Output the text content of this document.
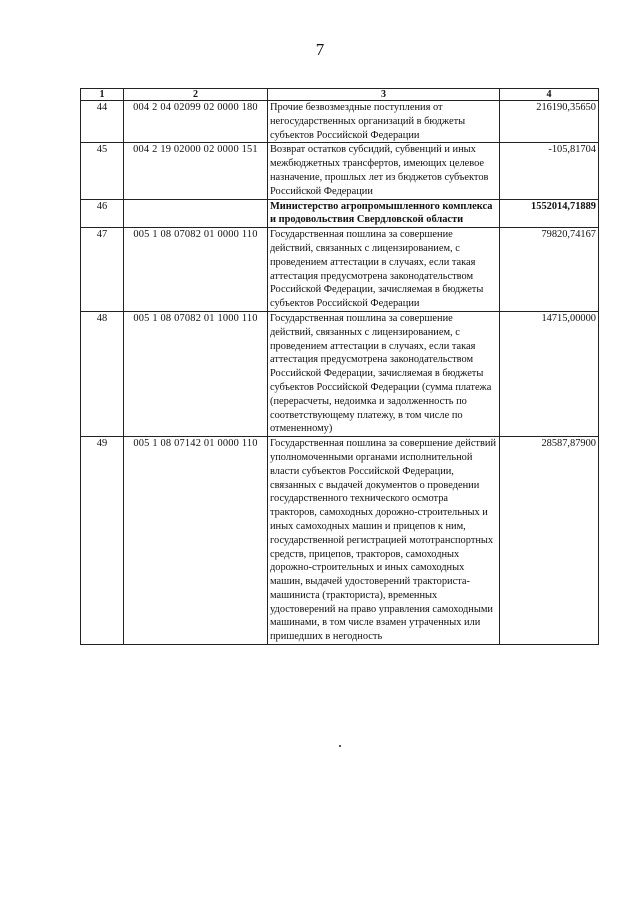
7
1	2	3	4
44	004 2 04 02099 02 0000 180	Прочие безвозмездные поступления от негосударственных организаций в бюджеты субъектов Российской Федерации	216190,35650
45	004 2 19 02000 02 0000 151	Возврат остатков субсидий, субвенций и иных межбюджетных трансфертов, имеющих целевое назначение, прошлых лет из бюджетов субъектов Российской Федерации	-105,81704
46		Министерство агропромышленного комплекса и продовольствия Свердловской области	1552014,71889
47	005 1 08 07082 01 0000 110	Государственная пошлина за совершение действий, связанных с лицензированием, с проведением аттестации в случаях, если такая аттестация предусмотрена законодательством Российской Федерации, зачисляемая в бюджеты субъектов Российской Федерации	79820,74167
48	005 1 08 07082 01 1000 110	Государственная пошлина за совершение действий, связанных с лицензированием, с проведением аттестации в случаях, если такая аттестация предусмотрена законодательством Российской Федерации, зачисляемая в бюджеты субъектов Российской Федерации (сумма платежа (перерасчеты, недоимка и задолженность по соответствующему платежу, в том числе по отмененному)	14715,00000
49	005 1 08 07142 01 0000 110	Государственная пошлина за совершение действий уполномоченными органами исполнительной власти субъектов Российской Федерации, связанных с выдачей документов о проведении государственного технического осмотра тракторов, самоходных дорожно-строительных и иных самоходных машин и прицепов к ним, государственной регистрацией мототранспортных средств, прицепов, тракторов, самоходных дорожно-строительных и иных самоходных машин, выдачей удостоверений тракториста-машиниста (тракториста), временных удостоверений на право управления самоходными машинами, в том числе взамен утраченных или пришедших в негодность	28587,87900
